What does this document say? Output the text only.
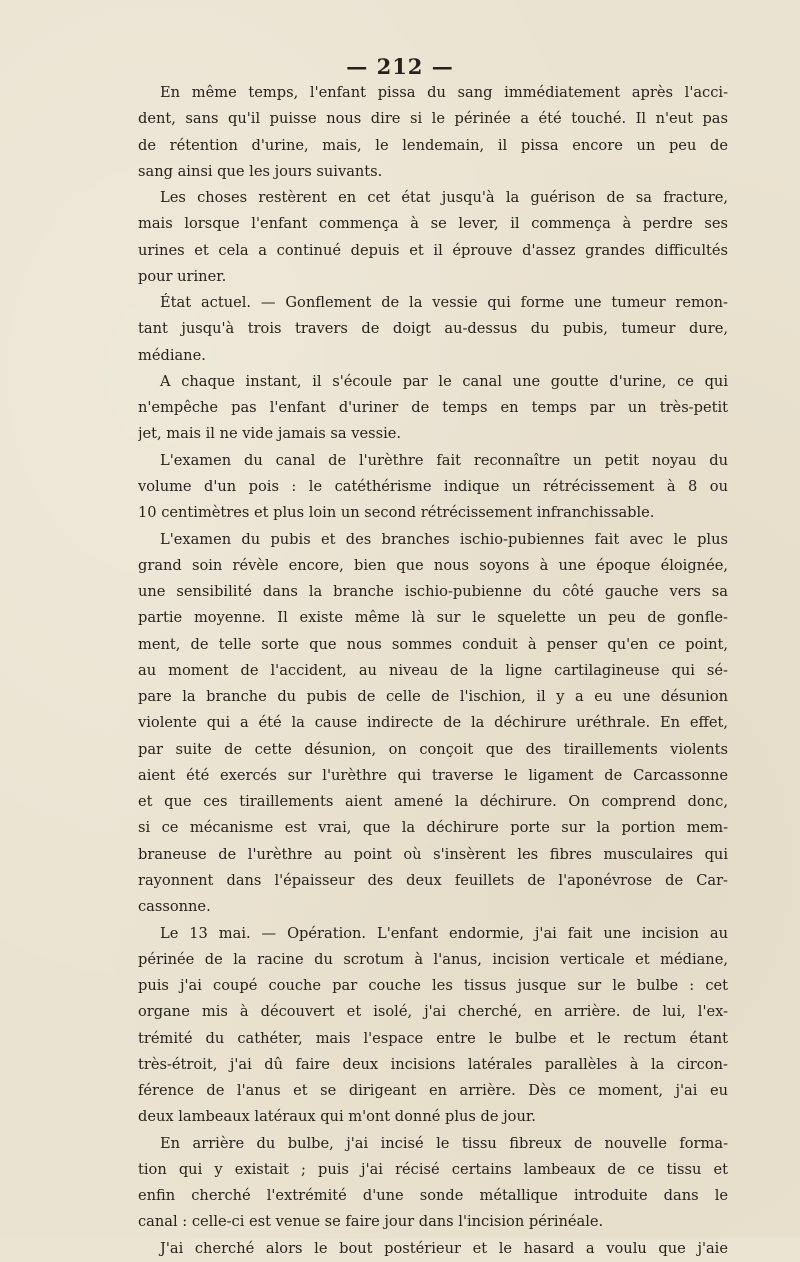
— 212 —
En même temps, l'enfant pissa du sang immédiatement après l'acci-
dent, sans qu'il puisse nous dire si le périnée a été touché. Il n'eut pas
de rétention d'urine, mais, le lendemain, il pissa encore un peu de
sang ainsi que les jours suivants.
Les choses restèrent en cet état jusqu'à la guérison de sa fracture,
mais lorsque l'enfant commença à se lever, il commença à perdre ses
urines et cela a continué depuis et il éprouve d'assez grandes difficultés
pour uriner.
État actuel. — Gonflement de la vessie qui forme une tumeur remon-
tant jusqu'à trois travers de doigt au-dessus du pubis, tumeur dure,
médiane.
A chaque instant, il s'écoule par le canal une goutte d'urine, ce qui
n'empêche pas l'enfant d'uriner de temps en temps par un très-petit
jet, mais il ne vide jamais sa vessie.
L'examen du canal de l'urèthre fait reconnaître un petit noyau du
volume d'un pois : le catéthérisme indique un rétrécissement à 8 ou
10 centimètres et plus loin un second rétrécissement infranchissable.
L'examen du pubis et des branches ischio-pubiennes fait avec le plus
grand soin révèle encore, bien que nous soyons à une époque éloignée,
une sensibilité dans la branche ischio-pubienne du côté gauche vers sa
partie moyenne. Il existe même là sur le squelette un peu de gonfle-
ment, de telle sorte que nous sommes conduit à penser qu'en ce point,
au moment de l'accident, au niveau de la ligne cartilagineuse qui sé-
pare la branche du pubis de celle de l'ischion, il y a eu une désunion
violente qui a été la cause indirecte de la déchirure uréthrale. En effet,
par suite de cette désunion, on conçoit que des tiraillements violents
aient été exercés sur l'urèthre qui traverse le ligament de Carcassonne
et que ces tiraillements aient amené la déchirure. On comprend donc,
si ce mécanisme est vrai, que la déchirure porte sur la portion mem-
braneuse de l'urèthre au point où s'insèrent les fibres musculaires qui
rayonnent dans l'épaisseur des deux feuillets de l'aponévrose de Car-
cassonne.
Le 13 mai. — Opération. L'enfant endormie, j'ai fait une incision au
périnée de la racine du scrotum à l'anus, incision verticale et médiane,
puis j'ai coupé couche par couche les tissus jusque sur le bulbe : cet
organe mis à découvert et isolé, j'ai cherché, en arrière. de lui, l'ex-
trémité du cathéter, mais l'espace entre le bulbe et le rectum étant
très-étroit, j'ai dû faire deux incisions latérales parallèles à la circon-
férence de l'anus et se dirigeant en arrière. Dès ce moment, j'ai eu
deux lambeaux latéraux qui m'ont donné plus de jour.
En arrière du bulbe, j'ai incisé le tissu fibreux de nouvelle forma-
tion qui y existait ; puis j'ai récisé certains lambeaux de ce tissu et
enfin cherché l'extrémité d'une sonde métallique introduite dans le
canal : celle-ci est venue se faire jour dans l'incision périnéale.
J'ai cherché alors le bout postérieur et le hasard a voulu que j'aie
